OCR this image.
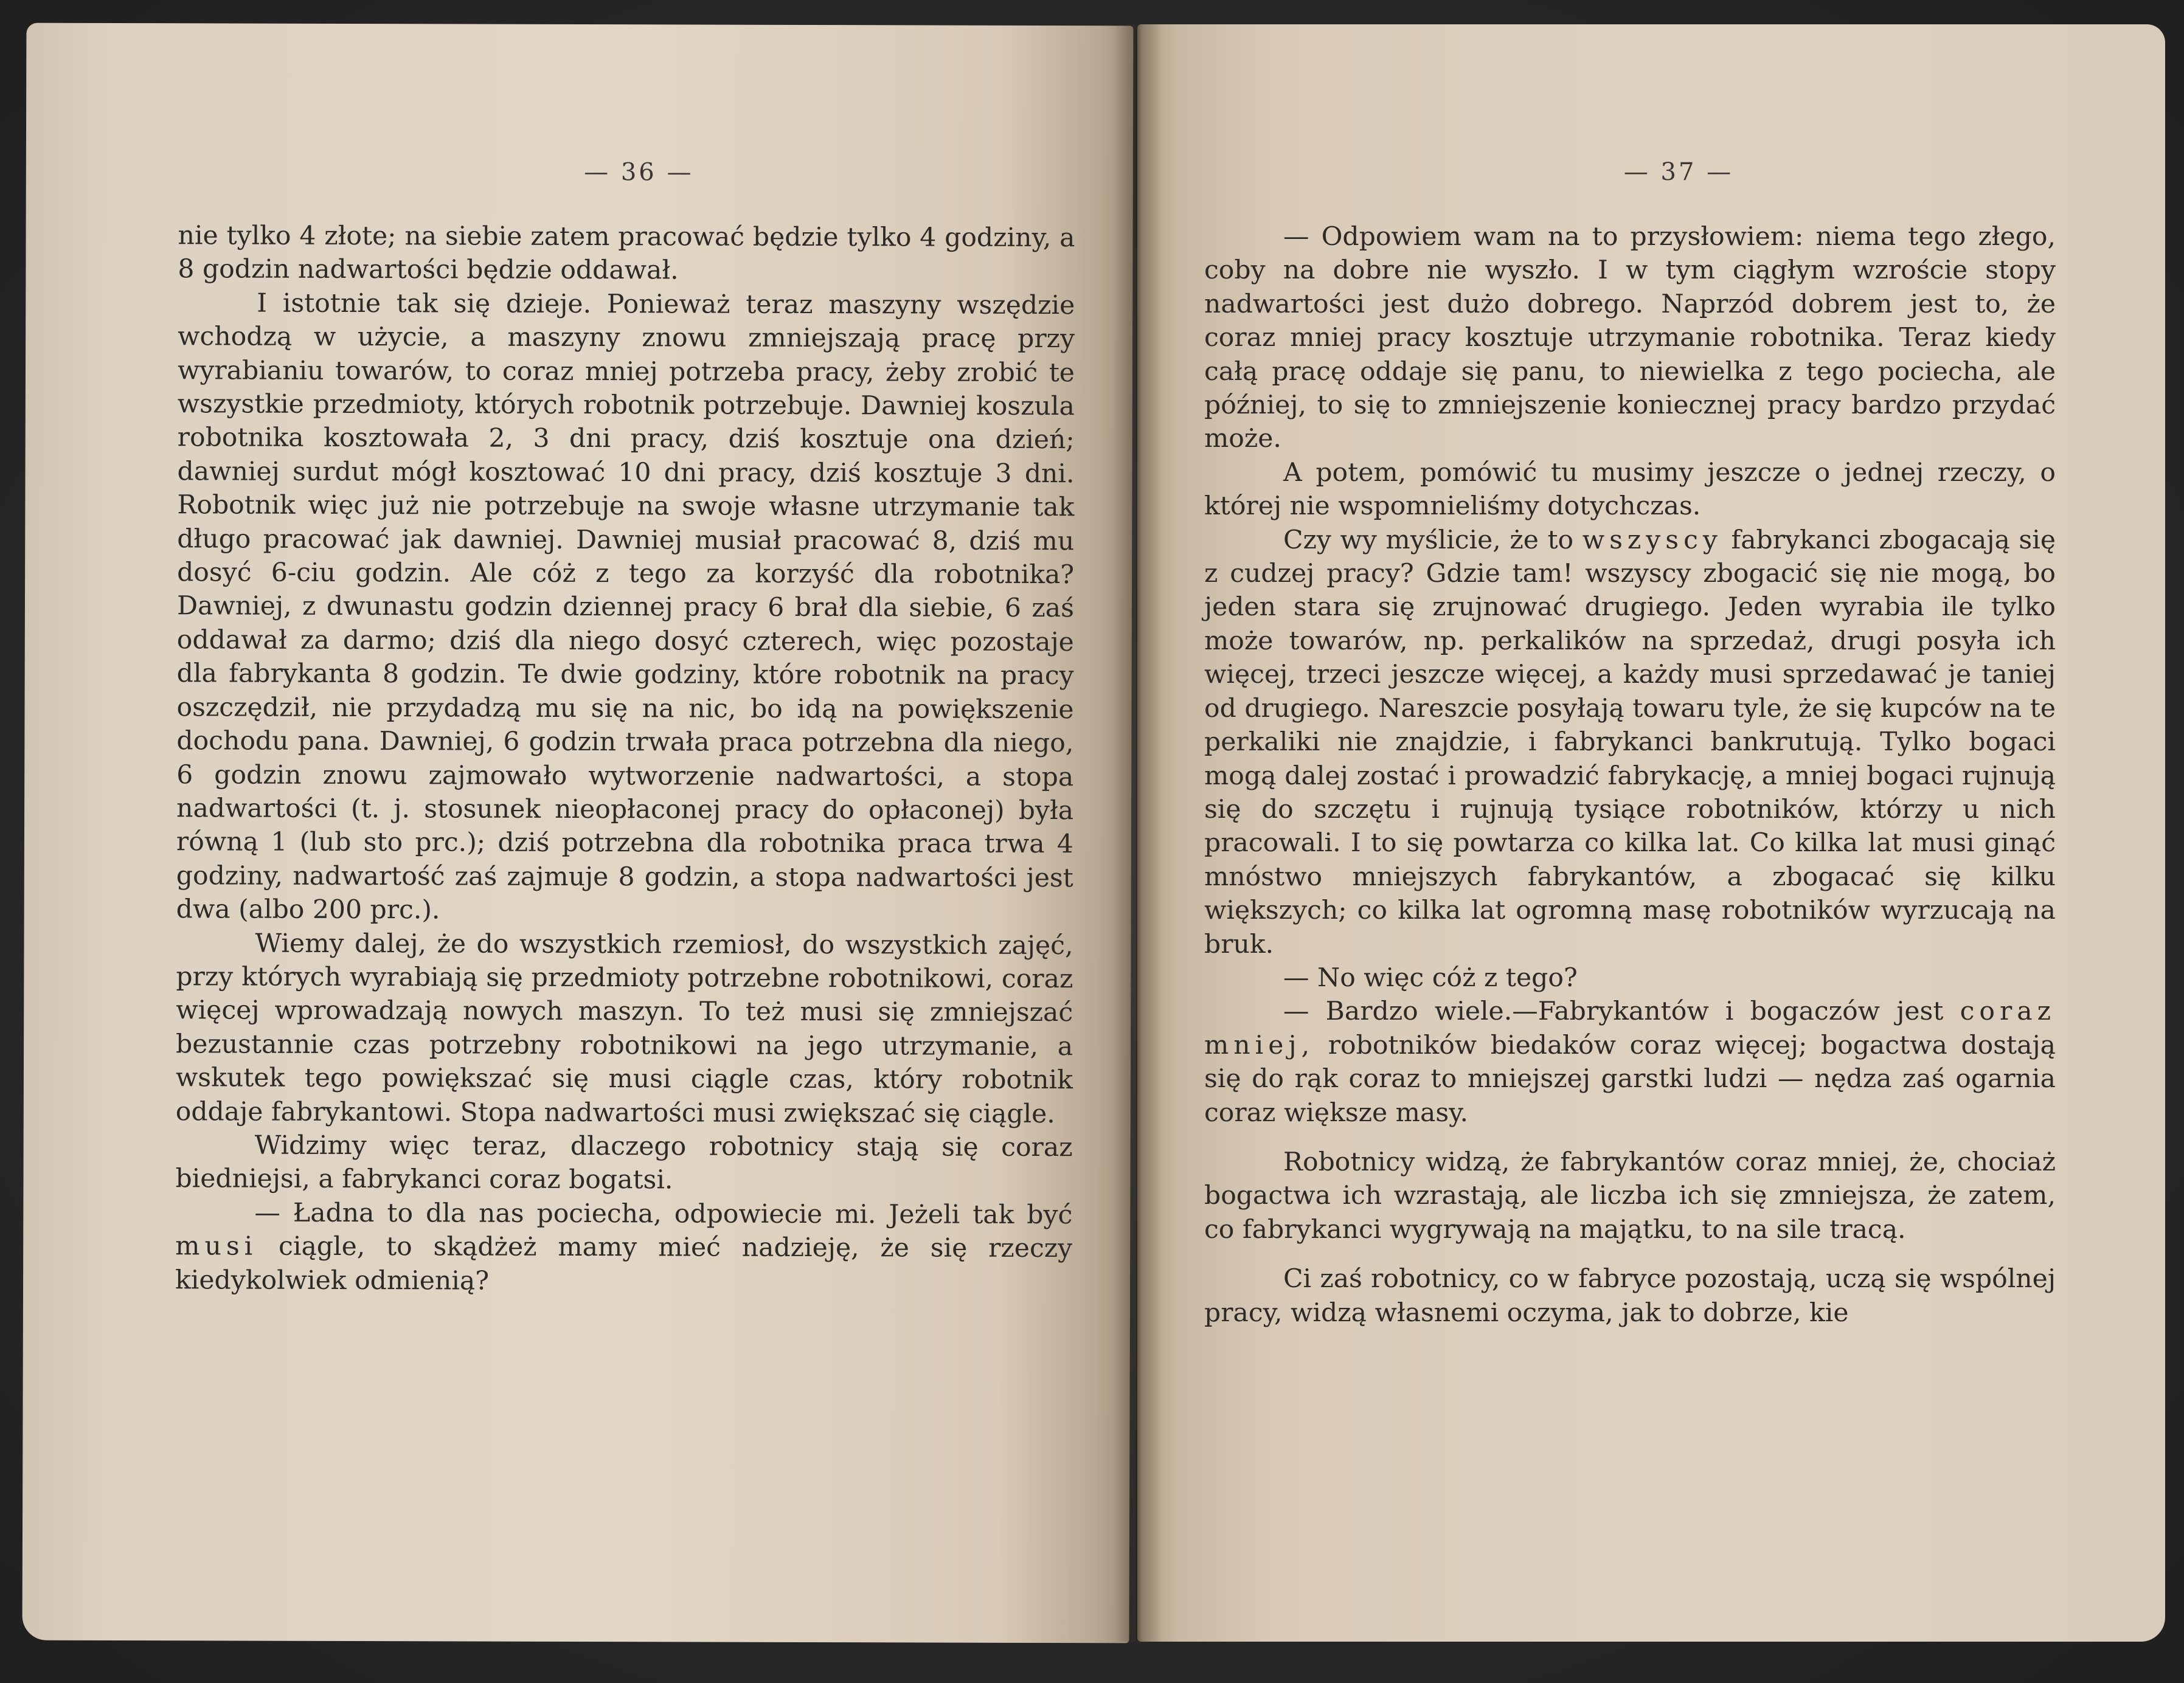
— 36 —

nie tylko 4 złote; na siebie zatem pracować będzie tylko 4 godziny, a 8 godzin nadwartości będzie oddawał.

I istotnie tak się dzieje. Ponieważ teraz maszyny wszędzie wchodzą w użycie, a maszyny znowu zmniejszają pracę przy wyrabianiu towarów, to coraz mniej potrzeba pracy, żeby zrobić te wszystkie przedmioty, których robotnik potrzebuje. Dawniej koszula robotnika kosztowała 2, 3 dni pracy, dziś kosztuje ona dzień; dawniej surdut mógł kosztować 10 dni pracy, dziś kosztuje 3 dni. Robotnik więc już nie potrzebuje na swoje własne utrzymanie tak długo pracować jak dawniej. Dawniej musiał pracować 8, dziś mu dosyć 6-ciu godzin. Ale cóż z tego za korzyść dla robotnika? Dawniej, z dwunastu godzin dziennej pracy 6 brał dla siebie, 6 zaś oddawał za darmo; dziś dla niego dosyć czterech, więc pozostaje dla fabrykanta 8 godzin. Te dwie godziny, które robotnik na pracy oszczędził, nie przydadzą mu się na nic, bo idą na powiększenie dochodu pana. Dawniej, 6 godzin trwała praca potrzebna dla niego, 6 godzin znowu zajmowało wytworzenie nadwartości, a stopa nadwartości (t. j. stosunek nieopłaconej pracy do opłaconej) była równą 1 (lub sto prc.); dziś potrzebna dla robotnika praca trwa 4 godziny, nadwartość zaś zajmuje 8 godzin, a stopa nadwartości jest dwa (albo 200 prc.).

Wiemy dalej, że do wszystkich rzemiosł, do wszystkich zajęć, przy których wyrabiają się przedmioty potrzebne robotnikowi, coraz więcej wprowadzają nowych maszyn. To też musi się zmniejszać bezustannie czas potrzebny robotnikowi na jego utrzymanie, a wskutek tego powiększać się musi ciągle czas, który robotnik oddaje fabrykantowi. Stopa nadwartości musi zwiększać się ciągle.

Widzimy więc teraz, dlaczego robotnicy stają się coraz biedniejsi, a fabrykanci coraz bogatsi.

— Ładna to dla nas pociecha, odpowiecie mi. Jeżeli tak być musi ciągle, to skądżeż mamy mieć nadzieję, że się rzeczy kiedykolwiek odmienią?

— 37 —

— Odpowiem wam na to przysłowiem: niema tego złego, coby na dobre nie wyszło. I w tym ciągłym wzroście stopy nadwartości jest dużo dobrego. Naprzód dobrem jest to, że coraz mniej pracy kosztuje utrzymanie robotnika. Teraz kiedy całą pracę oddaje się panu, to niewielka z tego pociecha, ale później, to się to zmniejszenie koniecznej pracy bardzo przydać może.

A potem, pomówić tu musimy jeszcze o jednej rzeczy, o której nie wspomnieliśmy dotychczas.

Czy wy myślicie, że to wszyscy fabrykanci zbogacają się z cudzej pracy? Gdzie tam! wszyscy zbogacić się nie mogą, bo jeden stara się zrujnować drugiego. Jeden wyrabia ile tylko może towarów, np. perkalików na sprzedaż, drugi posyła ich więcej, trzeci jeszcze więcej, a każdy musi sprzedawać je taniej od drugiego. Nareszcie posyłają towaru tyle, że się kupców na te perkaliki nie znajdzie, i fabrykanci bankrutują. Tylko bogaci mogą dalej zostać i prowadzić fabrykację, a mniej bogaci rujnują się do szczętu i rujnują tysiące robotników, którzy u nich pracowali. I to się powtarza co kilka lat. Co kilka lat musi ginąć mnóstwo mniejszych fabrykantów, a zbogacać się kilku większych; co kilka lat ogromną masę robotników wyrzucają na bruk.

— No więc cóż z tego?

— Bardzo wiele.—Fabrykantów i bogaczów jest coraz mniej, robotników biedaków coraz więcej; bogactwa dostają się do rąk coraz to mniejszej garstki ludzi — nędza zaś ogarnia coraz większe masy.

Robotnicy widzą, że fabrykantów coraz mniej, że, chociaż bogactwa ich wzrastają, ale liczba ich się zmniejsza, że zatem, co fabrykanci wygrywają na majątku, to na sile tracą.

Ci zaś robotnicy, co w fabryce pozostają, uczą się wspólnej pracy, widzą własnemi oczyma, jak to dobrze, kie
